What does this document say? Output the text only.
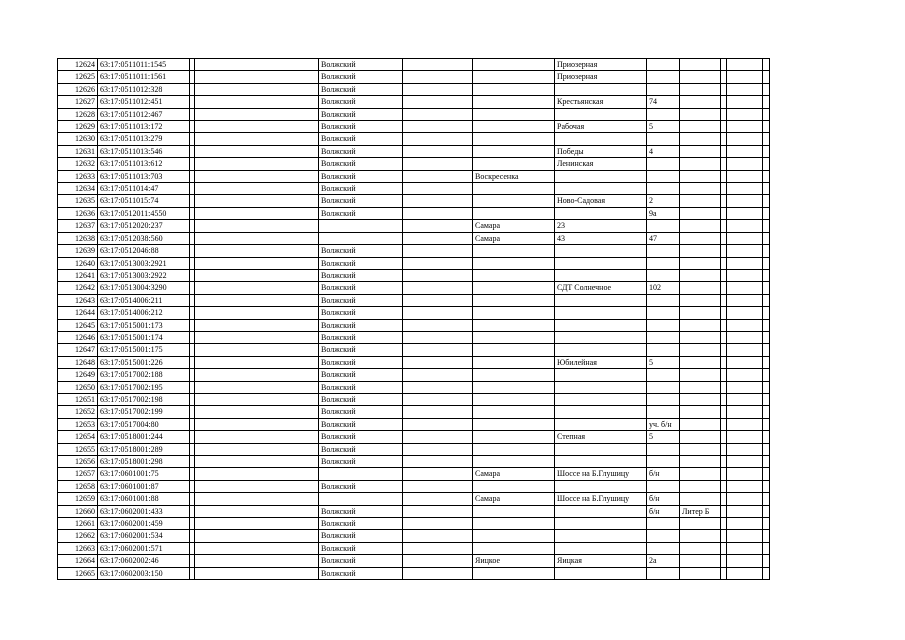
12624	63:17:0511011:1545			Волжский			Приозерная					
12625	63:17:0511011:1561			Волжский			Приозерная					
12626	63:17:0511012:328			Волжский								
12627	63:17:0511012:451			Волжский			Крестьянская	74				
12628	63:17:0511012:467			Волжский								
12629	63:17:0511013:172			Волжский			Рабочая	5				
12630	63:17:0511013:279			Волжский								
12631	63:17:0511013:546			Волжский			Победы	4				
12632	63:17:0511013:612			Волжский			Ленинская					
12633	63:17:0511013:703			Волжский		Воскресенка						
12634	63:17:0511014:47			Волжский								
12635	63:17:0511015:74			Волжский			Ново-Садовая	2				
12636	63:17:0512011:4550			Волжский				9а				
12637	63:17:0512020:237					Самара	23					
12638	63:17:0512038:560					Самара	43	47				
12639	63:17:0512046:88			Волжский								
12640	63:17:0513003:2921			Волжский								
12641	63:17:0513003:2922			Волжский								
12642	63:17:0513004:3290			Волжский			СДТ Солнечное	102				
12643	63:17:0514006:211			Волжский								
12644	63:17:0514006:212			Волжский								
12645	63:17:0515001:173			Волжский								
12646	63:17:0515001:174			Волжский								
12647	63:17:0515001:175			Волжский								
12648	63:17:0515001:226			Волжский			Юбилейная	5				
12649	63:17:0517002:188			Волжский								
12650	63:17:0517002:195			Волжский								
12651	63:17:0517002:198			Волжский								
12652	63:17:0517002:199			Волжский								
12653	63:17:0517004:80			Волжский				уч. б/н				
12654	63:17:0518001:244			Волжский			Степная	5				
12655	63:17:0518001:289			Волжский								
12656	63:17:0518001:298			Волжский								
12657	63:17:0601001:75					Самара	Шоссе на Б.Глушицу	б/н				
12658	63:17:0601001:87			Волжский								
12659	63:17:0601001:88					Самара	Шоссе на Б.Глушицу	б/н				
12660	63:17:0602001:433			Волжский				б/н	Литер Б			
12661	63:17:0602001:459			Волжский								
12662	63:17:0602001:534			Волжский								
12663	63:17:0602001:571			Волжский								
12664	63:17:0602002:46			Волжский		Яицкое	Яицкая	2а				
12665	63:17:0602003:150			Волжский								
